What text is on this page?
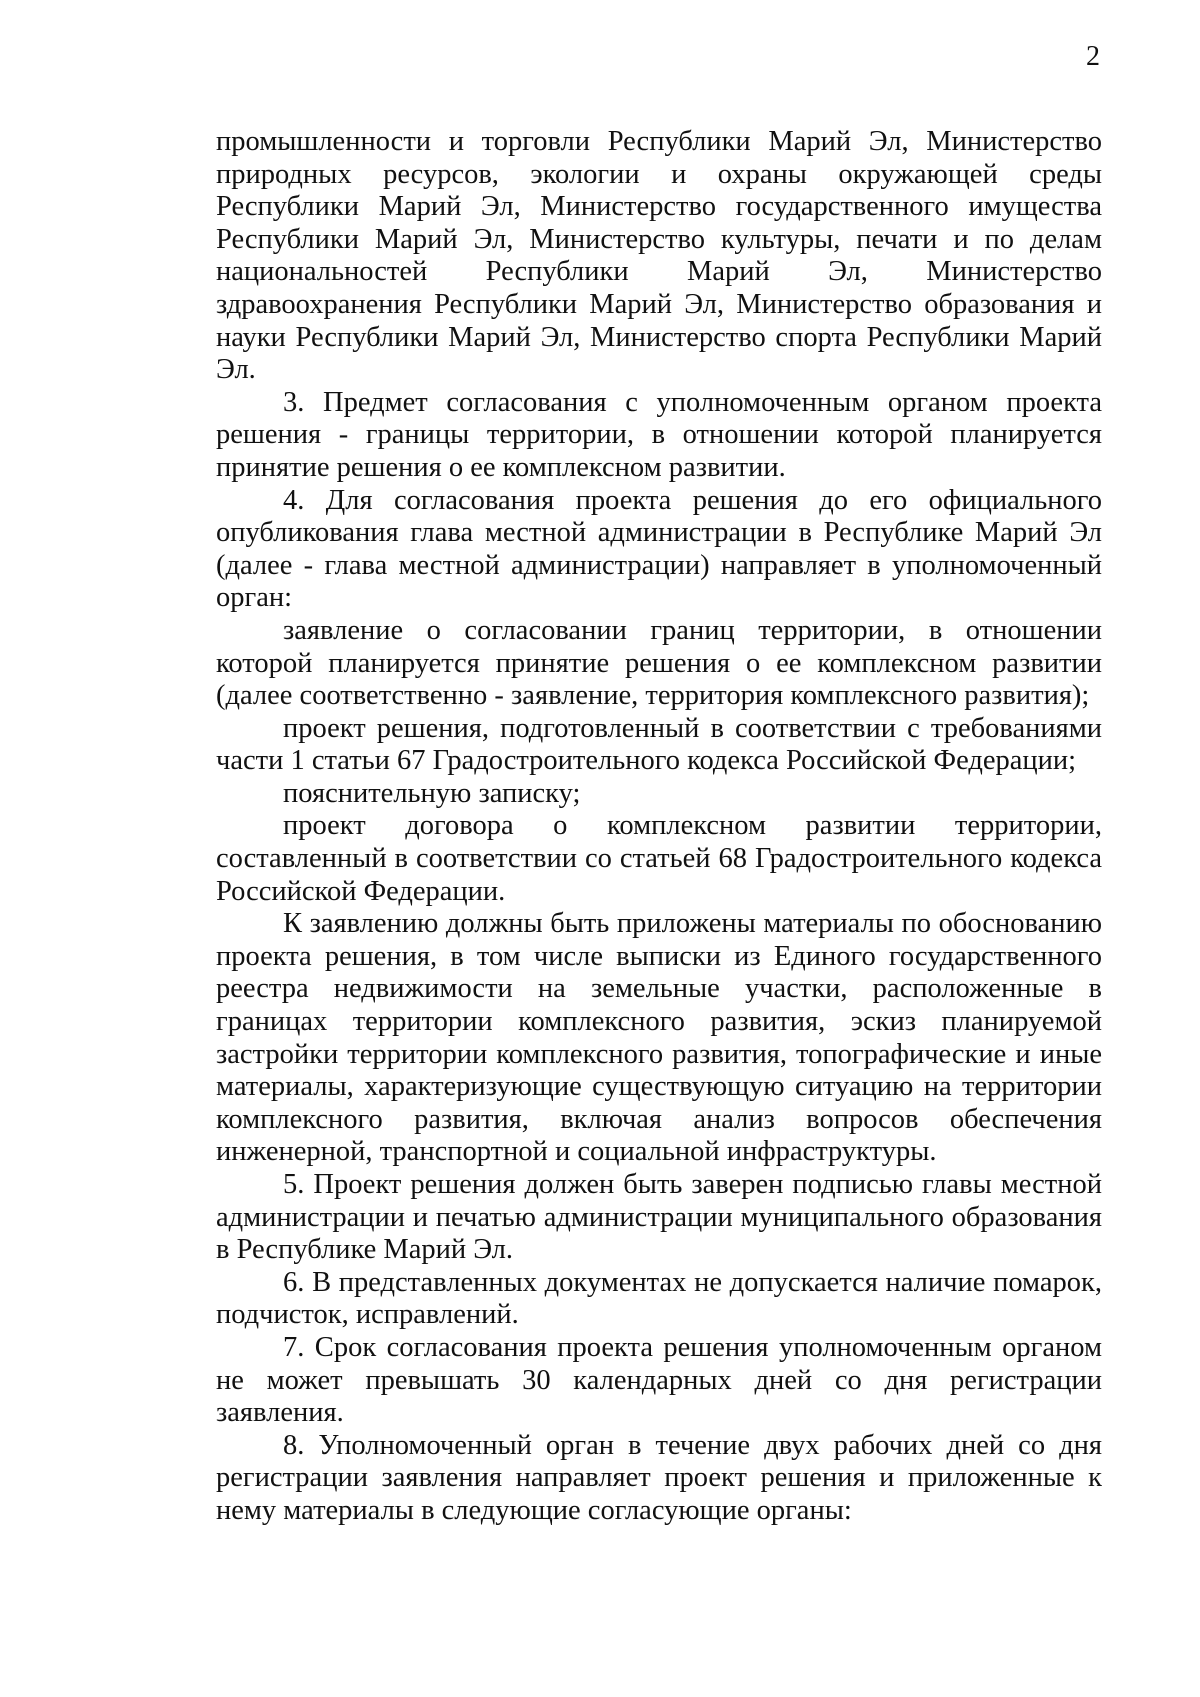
2

промышленности и торговли Республики Марий Эл, Министерство природных ресурсов, экологии и охраны окружающей среды Республики Марий Эл, Министерство государственного имущества Республики Марий Эл, Министерство культуры, печати и по делам национальностей Республики Марий Эл, Министерство здравоохранения Республики Марий Эл, Министерство образования и науки Республики Марий Эл, Министерство спорта Республики Марий Эл.

3. Предмет согласования с уполномоченным органом проекта решения - границы территории, в отношении которой планируется принятие решения о ее комплексном развитии.

4. Для согласования проекта решения до его официального опубликования глава местной администрации в Республике Марий Эл (далее - глава местной администрации) направляет в уполномоченный орган:

заявление о согласовании границ территории, в отношении которой планируется принятие решения о ее комплексном развитии (далее соответственно - заявление, территория комплексного развития);

проект решения, подготовленный в соответствии с требованиями части 1 статьи 67 Градостроительного кодекса Российской Федерации;

пояснительную записку;

проект договора о комплексном развитии территории, составленный в соответствии со статьей 68 Градостроительного кодекса Российской Федерации.

К заявлению должны быть приложены материалы по обоснованию проекта решения, в том числе выписки из Единого государственного реестра недвижимости на земельные участки, расположенные в границах территории комплексного развития, эскиз планируемой застройки территории комплексного развития, топографические и иные материалы, характеризующие существующую ситуацию на территории комплексного развития, включая анализ вопросов обеспечения инженерной, транспортной и социальной инфраструктуры.

5. Проект решения должен быть заверен подписью главы местной администрации и печатью администрации муниципального образования в Республике Марий Эл.

6. В представленных документах не допускается наличие помарок, подчисток, исправлений.

7. Срок согласования проекта решения уполномоченным органом не может превышать 30 календарных дней со дня регистрации заявления.

8. Уполномоченный орган в течение двух рабочих дней со дня регистрации заявления направляет проект решения и приложенные к нему материалы в следующие согласующие органы:
